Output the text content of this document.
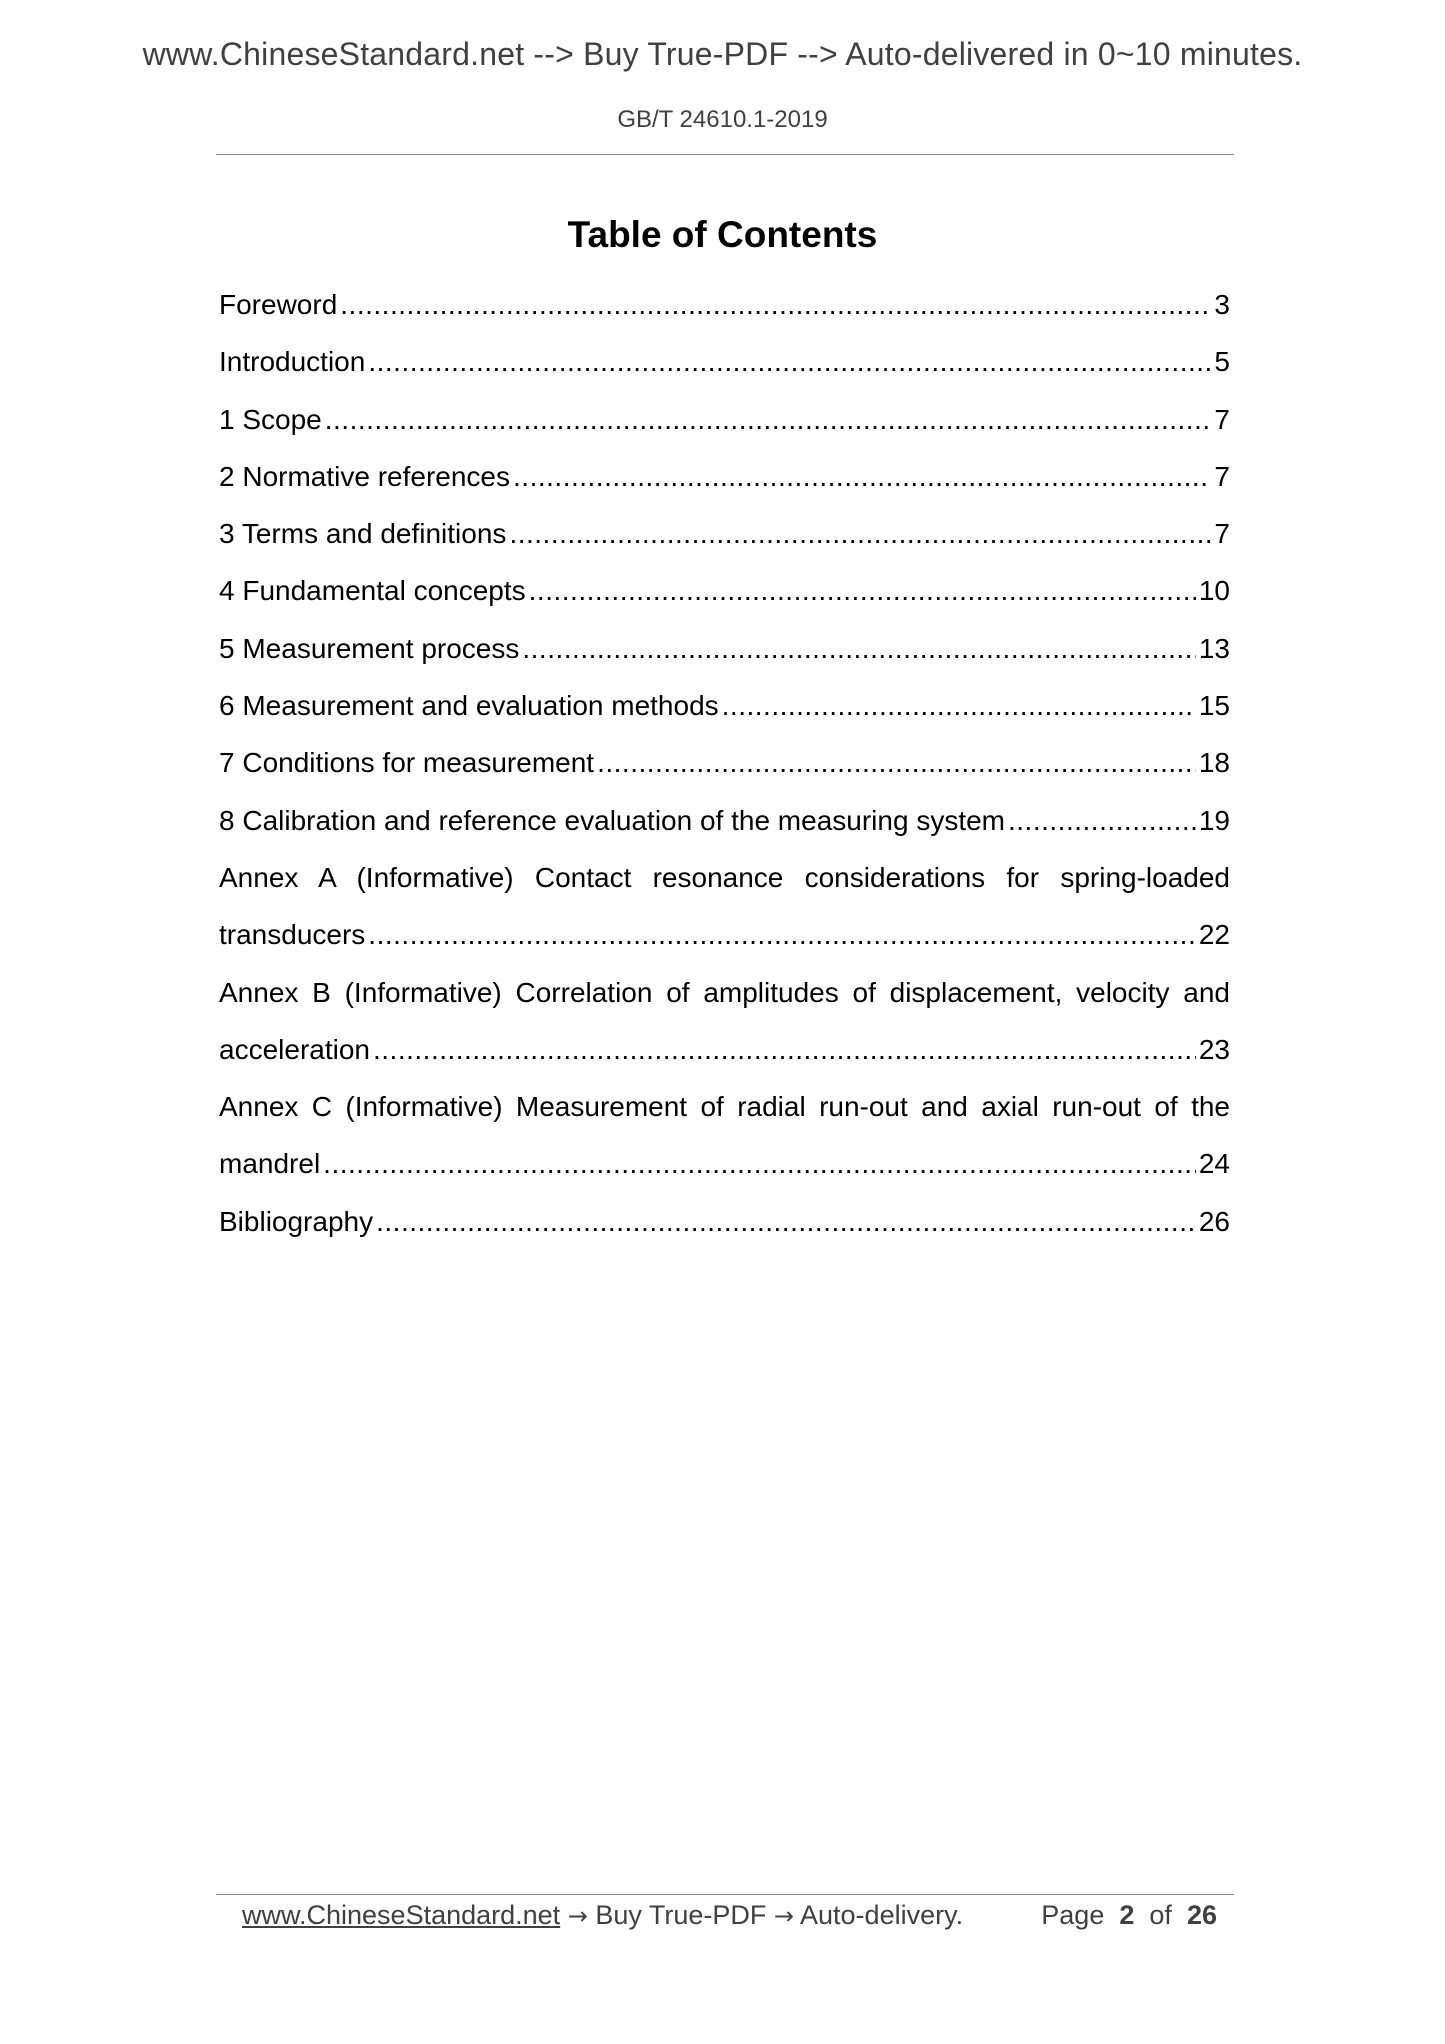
www.ChineseStandard.net --> Buy True-PDF --> Auto-delivered in 0~10 minutes.
GB/T 24610.1-2019
Table of Contents
Foreword .....	3
Introduction .....	5
1 Scope .....	7
2 Normative references .....	7
3 Terms and definitions .....	7
4 Fundamental concepts .....	10
5 Measurement process .....	13
6 Measurement and evaluation methods .....	15
7 Conditions for measurement .....	18
8 Calibration and reference evaluation of the measuring system .....	19
Annex A (Informative) Contact resonance considerations for spring-loaded
transducers .....	22
Annex B (Informative) Correlation of amplitudes of displacement, velocity and
acceleration .....	23
Annex C (Informative) Measurement of radial run-out and axial run-out of the
mandrel .....	24
Bibliography .....	26
www.ChineseStandard.net → Buy True-PDF → Auto-delivery.	Page 2 of 26
